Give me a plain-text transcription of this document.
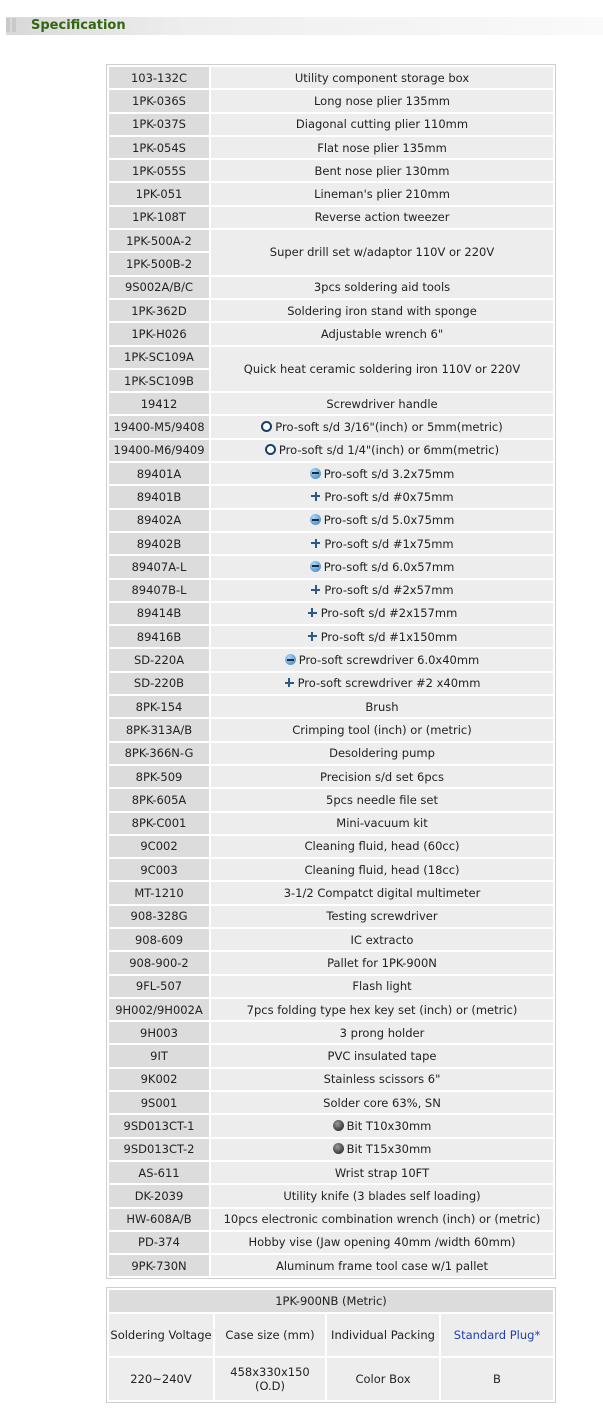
Specification
103-132C	Utility component storage box
1PK-036S	Long nose plier 135mm
1PK-037S	Diagonal cutting plier 110mm
1PK-054S	Flat nose plier 135mm
1PK-055S	Bent nose plier 130mm
1PK-051	Lineman's plier 210mm
1PK-108T	Reverse action tweezer
1PK-500A-2	Super drill set w/adaptor 110V or 220V
1PK-500B-2	
9S002A/B/C	3pcs soldering aid tools
1PK-362D	Soldering iron stand with sponge
1PK-H026	Adjustable wrench 6"
1PK-SC109A	Quick heat ceramic soldering iron 110V or 220V
1PK-SC109B	
19412	Screwdriver handle
19400-M5/9408	Pro-soft s/d 3/16"(inch) or 5mm(metric)
19400-M6/9409	Pro-soft s/d 1/4"(inch) or 6mm(metric)
89401A	Pro-soft s/d 3.2x75mm
89401B	Pro-soft s/d #0x75mm
89402A	Pro-soft s/d 5.0x75mm
89402B	Pro-soft s/d #1x75mm
89407A-L	Pro-soft s/d 6.0x57mm
89407B-L	Pro-soft s/d #2x57mm
89414B	Pro-soft s/d #2x157mm
89416B	Pro-soft s/d #1x150mm
SD-220A	Pro-soft screwdriver 6.0x40mm
SD-220B	Pro-soft screwdriver #2 x40mm
8PK-154	Brush
8PK-313A/B	Crimping tool (inch) or (metric)
8PK-366N-G	Desoldering pump
8PK-509	Precision s/d set 6pcs
8PK-605A	5pcs needle file set
8PK-C001	Mini-vacuum kit
9C002	Cleaning fluid, head (60cc)
9C003	Cleaning fluid, head (18cc)
MT-1210	3-1/2 Compatct digital multimeter
908-328G	Testing screwdriver
908-609	IC extracto
908-900-2	Pallet for 1PK-900N
9FL-507	Flash light
9H002/9H002A	7pcs folding type hex key set (inch) or (metric)
9H003	3 prong holder
9IT	PVC insulated tape
9K002	Stainless scissors 6"
9S001	Solder core 63%, SN
9SD013CT-1	Bit T10x30mm
9SD013CT-2	Bit T15x30mm
AS-611	Wrist strap 10FT
DK-2039	Utility knife (3 blades self loading)
HW-608A/B	10pcs electronic combination wrench (inch) or (metric)
PD-374	Hobby vise (Jaw opening 40mm /width 60mm)
9PK-730N	Aluminum frame tool case w/1 pallet
1PK-900NB (Metric)			
Soldering Voltage	Case size (mm)	Individual Packing	Standard Plug*
220~240V	458x330x150 (O.D)	Color Box	B
